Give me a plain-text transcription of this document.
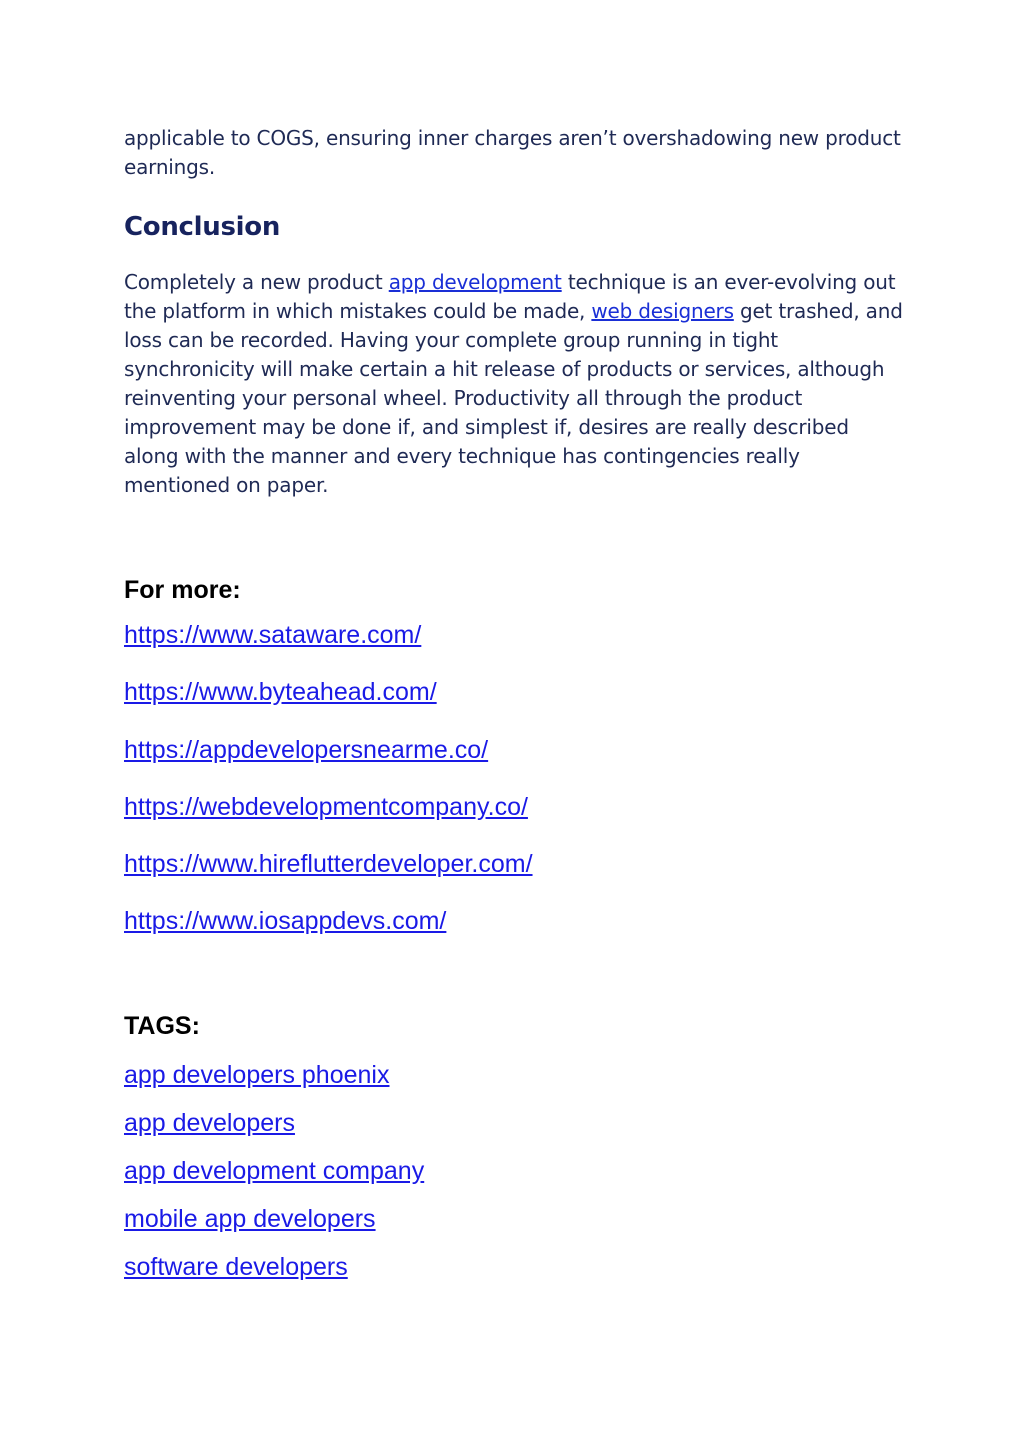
applicable to COGS, ensuring inner charges aren’t overshadowing new product earnings.
Conclusion
Completely a new product app development technique is an ever-evolving out the platform in which mistakes could be made, web designers get trashed, and loss can be recorded. Having your complete group running in tight synchronicity will make certain a hit release of products or services, although reinventing your personal wheel. Productivity all through the product improvement may be done if, and simplest if, desires are really described along with the manner and every technique has contingencies really mentioned on paper.
For more:
https://www.sataware.com/
https://www.byteahead.com/
https://appdevelopersnearme.co/
https://webdevelopmentcompany.co/
https://www.hireflutterdeveloper.com/
https://www.iosappdevs.com/
TAGS:
app developers phoenix
app developers
app development company
mobile app developers
software developers
